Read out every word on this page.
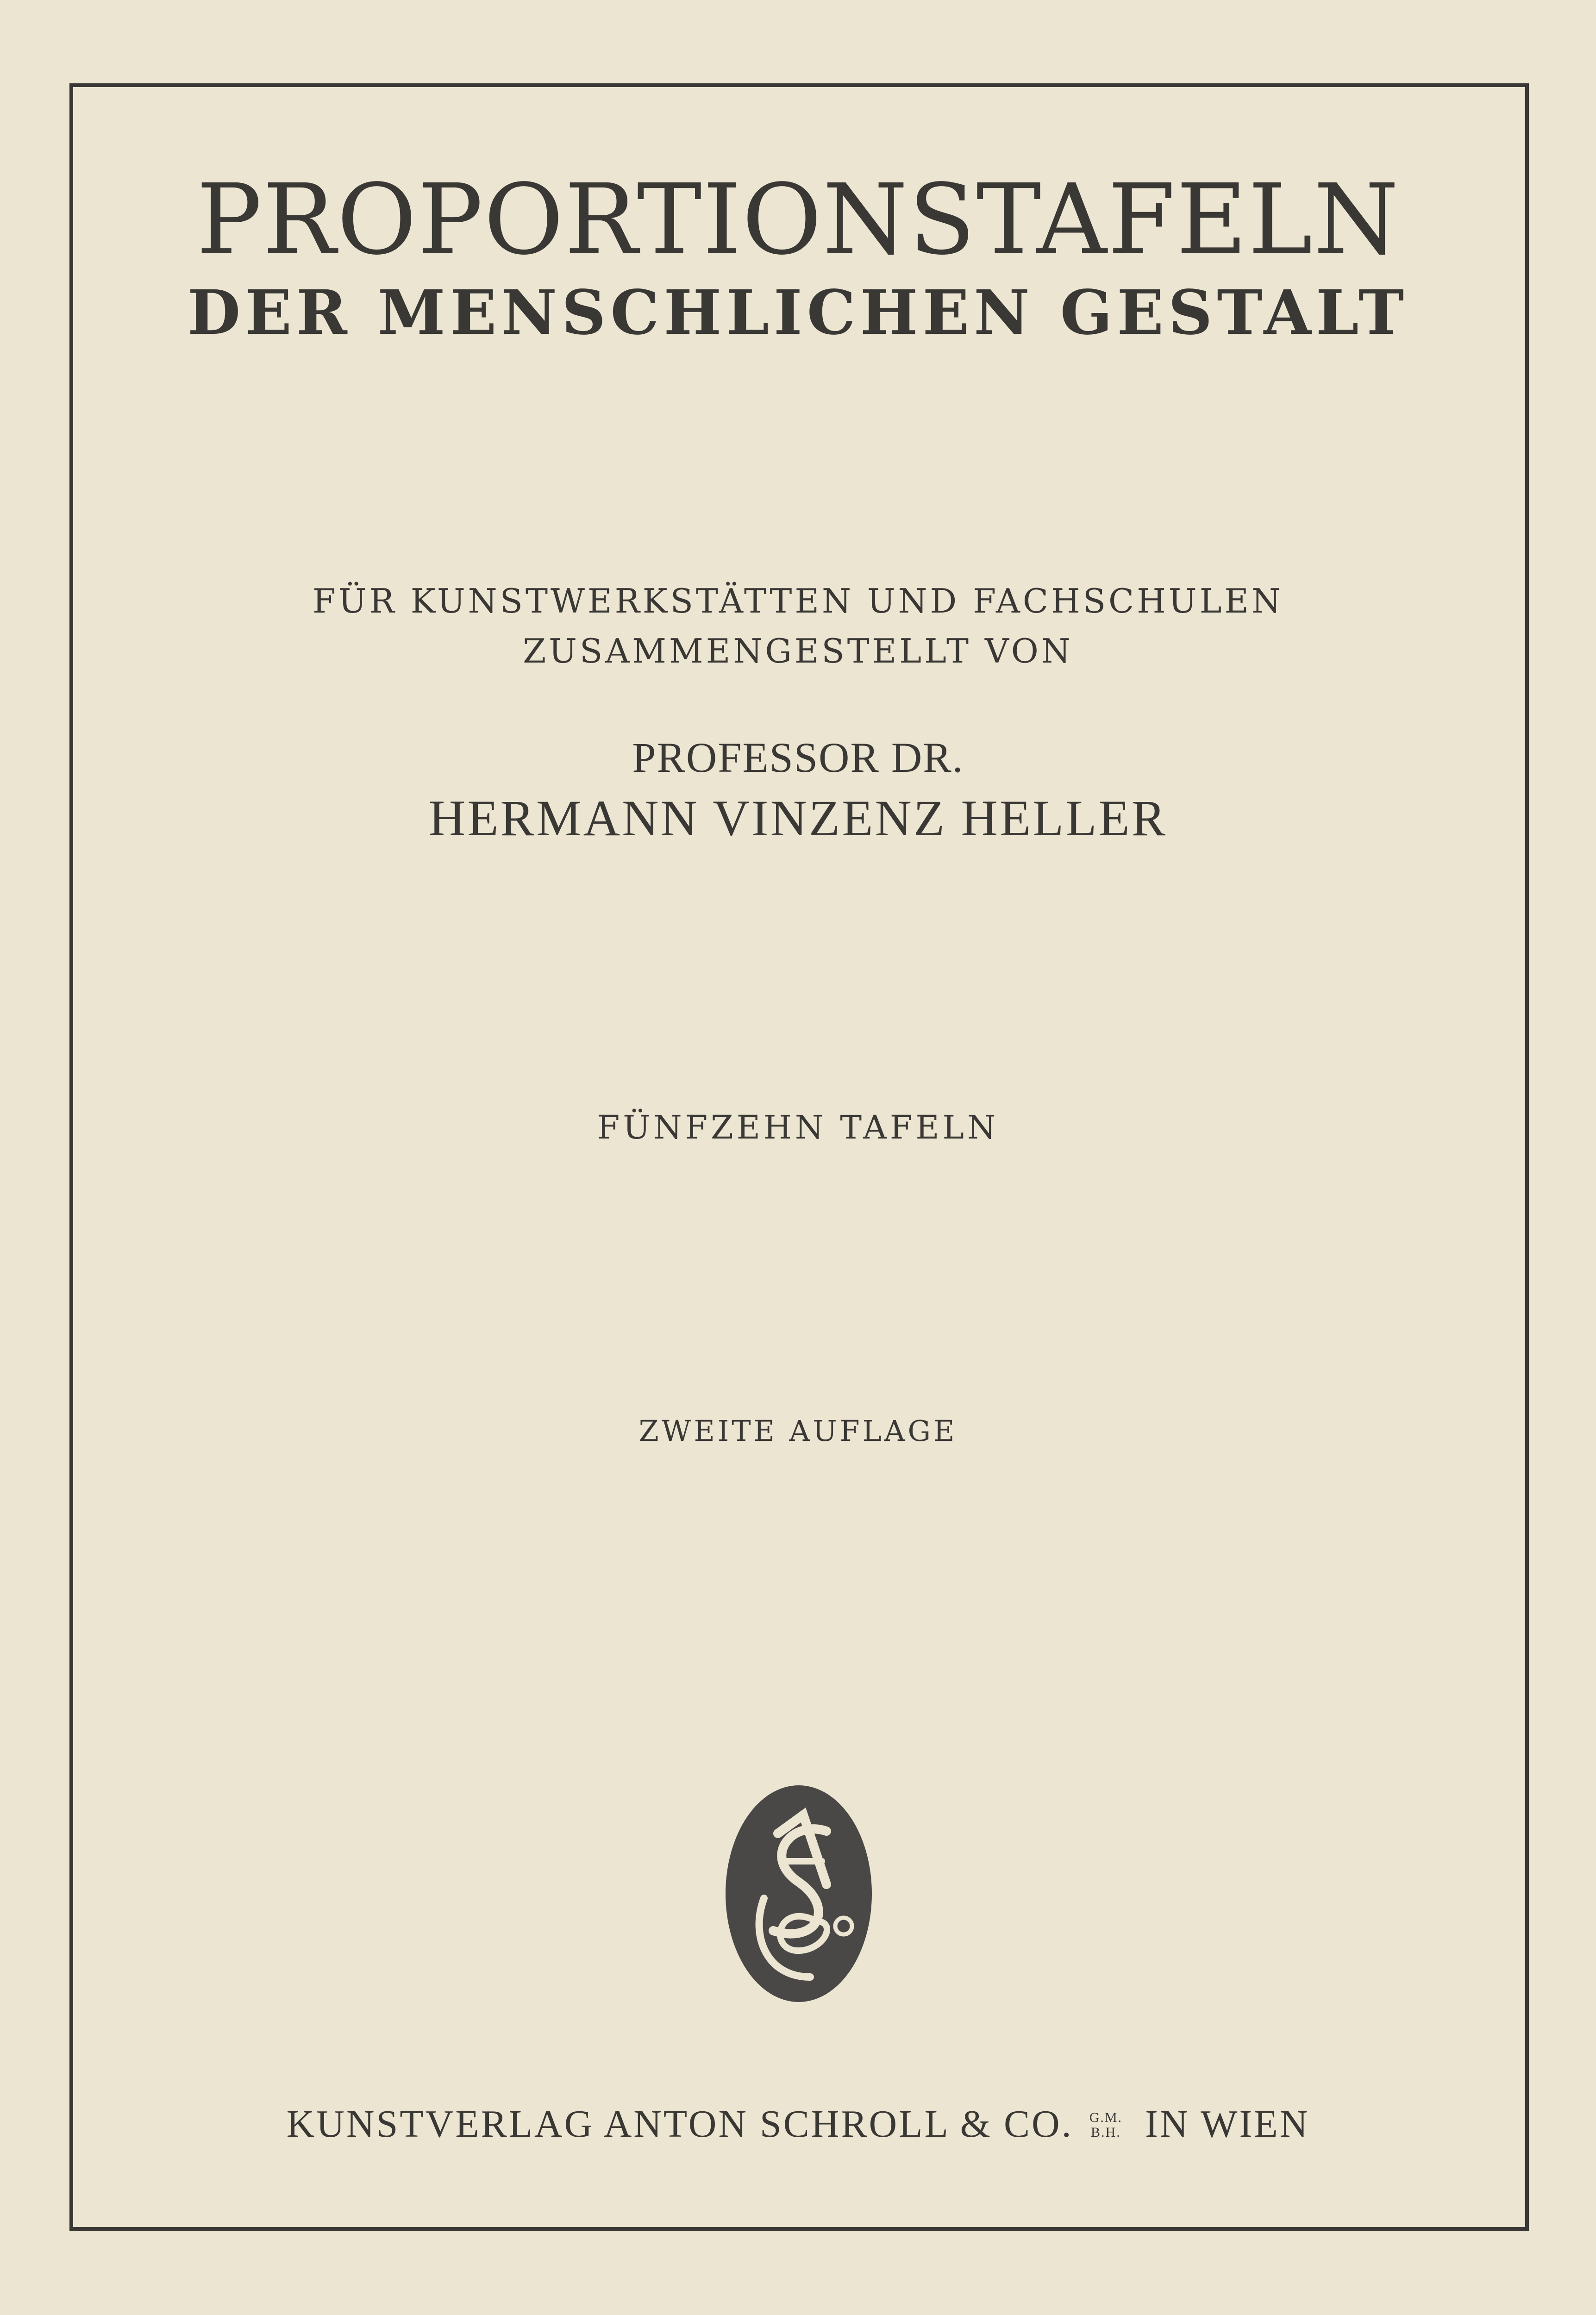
PROPORTIONSTAFELN
DER MENSCHLICHEN GESTALT
FÜR KUNSTWERKSTÄTTEN UND FACHSCHULEN
ZUSAMMENGESTELLT VON
PROFESSOR DR.
HERMANN VINZENZ HELLER
FÜNFZEHN TAFELN
ZWEITE AUFLAGE
KUNSTVERLAG ANTON SCHROLL & CO. G.M.
B.H. IN WIEN
